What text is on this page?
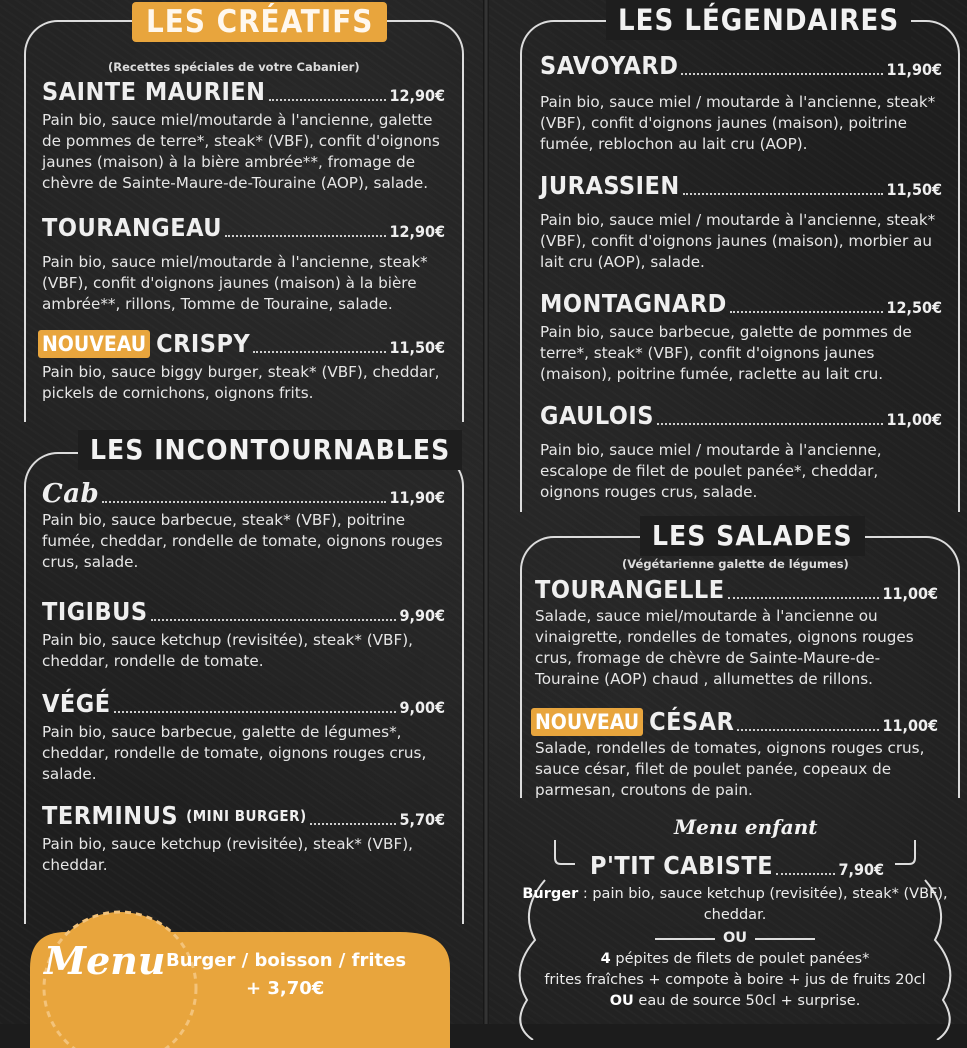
LES CRÉATIFS
(Recettes spéciales de votre Cabanier)
SAINTE MAURIEN	12,90€
Pain bio, sauce miel/moutarde à l'ancienne, galette de pommes de terre*, steak* (VBF), confit d'oignons jaunes (maison) à la bière ambrée**, fromage de chèvre de Sainte-Maure-de-Touraine (AOP), salade.
TOURANGEAU	12,90€
Pain bio, sauce miel/moutarde à l'ancienne, steak* (VBF), confit d'oignons jaunes (maison) à la bière ambrée**, rillons, Tomme de Touraine, salade.
NOUVEAU CRISPY	11,50€
Pain bio, sauce biggy burger, steak* (VBF), cheddar, pickels de cornichons, oignons frits.
LES INCONTOURNABLES
Cab	11,90€
Pain bio, sauce barbecue, steak* (VBF), poitrine fumée, cheddar, rondelle de tomate, oignons rouges crus, salade.
TIGIBUS	9,90€
Pain bio, sauce ketchup (revisitée), steak* (VBF), cheddar, rondelle de tomate.
VÉGÉ	9,00€
Pain bio, sauce barbecue, galette de légumes*, cheddar, rondelle de tomate, oignons rouges crus, salade.
TERMINUS (MINI BURGER)	5,70€
Pain bio, sauce ketchup (revisitée), steak* (VBF), cheddar.
Menu Burger / boisson / frites
+ 3,70€
LES LÉGENDAIRES
SAVOYARD	11,90€
Pain bio, sauce miel / moutarde à l'ancienne, steak* (VBF), confit d'oignons jaunes (maison), poitrine fumée, reblochon au lait cru (AOP).
JURASSIEN	11,50€
Pain bio, sauce miel / moutarde à l'ancienne, steak* (VBF), confit d'oignons jaunes (maison), morbier au lait cru (AOP), salade.
MONTAGNARD	12,50€
Pain bio, sauce barbecue, galette de pommes de terre*, steak* (VBF), confit d'oignons jaunes (maison), poitrine fumée, raclette au lait cru.
GAULOIS	11,00€
Pain bio, sauce miel / moutarde à l'ancienne, escalope de filet de poulet panée*, cheddar, oignons rouges crus, salade.
LES SALADES
(Végétarienne galette de légumes)
TOURANGELLE	11,00€
Salade, sauce miel/moutarde à l'ancienne ou vinaigrette, rondelles de tomates, oignons rouges crus, fromage de chèvre de Sainte-Maure-de-Touraine (AOP) chaud , allumettes de rillons.
NOUVEAU CÉSAR	11,00€
Salade, rondelles de tomates, oignons rouges crus, sauce césar, filet de poulet panée, copeaux de parmesan, croutons de pain.
Menu enfant
P'TIT CABISTE	7,90€
Burger : pain bio, sauce ketchup (revisitée), steak* (VBF), cheddar.
OU
4 pépites de filets de poulet panées*
frites fraîches + compote à boire + jus de fruits 20cl
OU eau de source 50cl + surprise.
